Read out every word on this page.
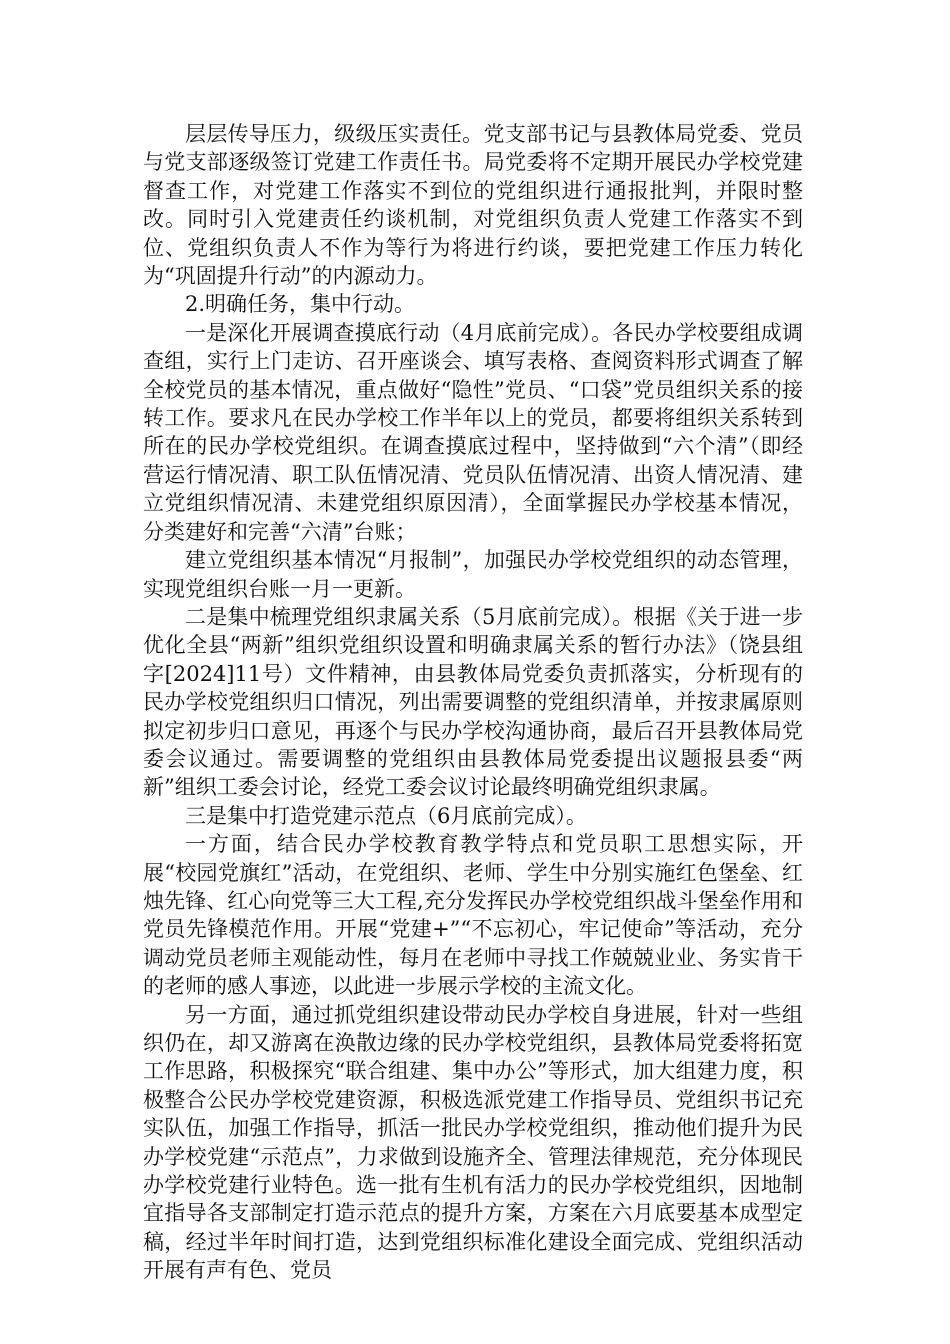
层层传导压力，级级压实责任。党支部书记与县教体局党委、党员与党支部逐级签订党建工作责任书。局党委将不定期开展民办学校党建督查工作，对党建工作落实不到位的党组织进行通报批判，并限时整改。同时引入党建责任约谈机制，对党组织负责人党建工作落实不到位、党组织负责人不作为等行为将进行约谈，要把党建工作压力转化为“巩固提升行动”的内源动力。

2.明确任务，集中行动。

一是深化开展调查摸底行动（4月底前完成）。各民办学校要组成调查组，实行上门走访、召开座谈会、填写表格、查阅资料形式调查了解全校党员的基本情况，重点做好“隐性”党员、“口袋”党员组织关系的接转工作。要求凡在民办学校工作半年以上的党员，都要将组织关系转到所在的民办学校党组织。在调查摸底过程中，坚持做到“六个清”（即经营运行情况清、职工队伍情况清、党员队伍情况清、出资人情况清、建立党组织情况清、未建党组织原因清），全面掌握民办学校基本情况，分类建好和完善“六清”台账；

建立党组织基本情况“月报制”，加强民办学校党组织的动态管理，实现党组织台账一月一更新。

二是集中梳理党组织隶属关系（5月底前完成）。根据《关于进一步优化全县“两新”组织党组织设置和明确隶属关系的暂行办法》（饶县组字[2024]11号）文件精神，由县教体局党委负责抓落实，分析现有的民办学校党组织归口情况，列出需要调整的党组织清单，并按隶属原则拟定初步归口意见，再逐个与民办学校沟通协商，最后召开县教体局党委会议通过。需要调整的党组织由县教体局党委提出议题报县委“两新”组织工委会讨论，经党工委会议讨论最终明确党组织隶属。

三是集中打造党建示范点（6月底前完成）。

一方面，结合民办学校教育教学特点和党员职工思想实际，开展“校园党旗红”活动，在党组织、老师、学生中分别实施红色堡垒、红烛先锋、红心向党等三大工程,充分发挥民办学校党组织战斗堡垒作用和党员先锋模范作用。开展“党建+”“不忘初心，牢记使命”等活动，充分调动党员老师主观能动性，每月在老师中寻找工作兢兢业业、务实肯干的老师的感人事迹，以此进一步展示学校的主流文化。

另一方面，通过抓党组织建设带动民办学校自身进展，针对一些组织仍在，却又游离在涣散边缘的民办学校党组织，县教体局党委将拓宽工作思路，积极探究“联合组建、集中办公”等形式，加大组建力度，积极整合公民办学校党建资源，积极选派党建工作指导员、党组织书记充实队伍，加强工作指导，抓活一批民办学校党组织，推动他们提升为民办学校党建“示范点”，力求做到设施齐全、管理法律规范，充分体现民办学校党建行业特色。选一批有生机有活力的民办学校党组织，因地制宜指导各支部制定打造示范点的提升方案，方案在六月底要基本成型定稿，经过半年时间打造，达到党组织标准化建设全面完成、党组织活动开展有声有色、党员
